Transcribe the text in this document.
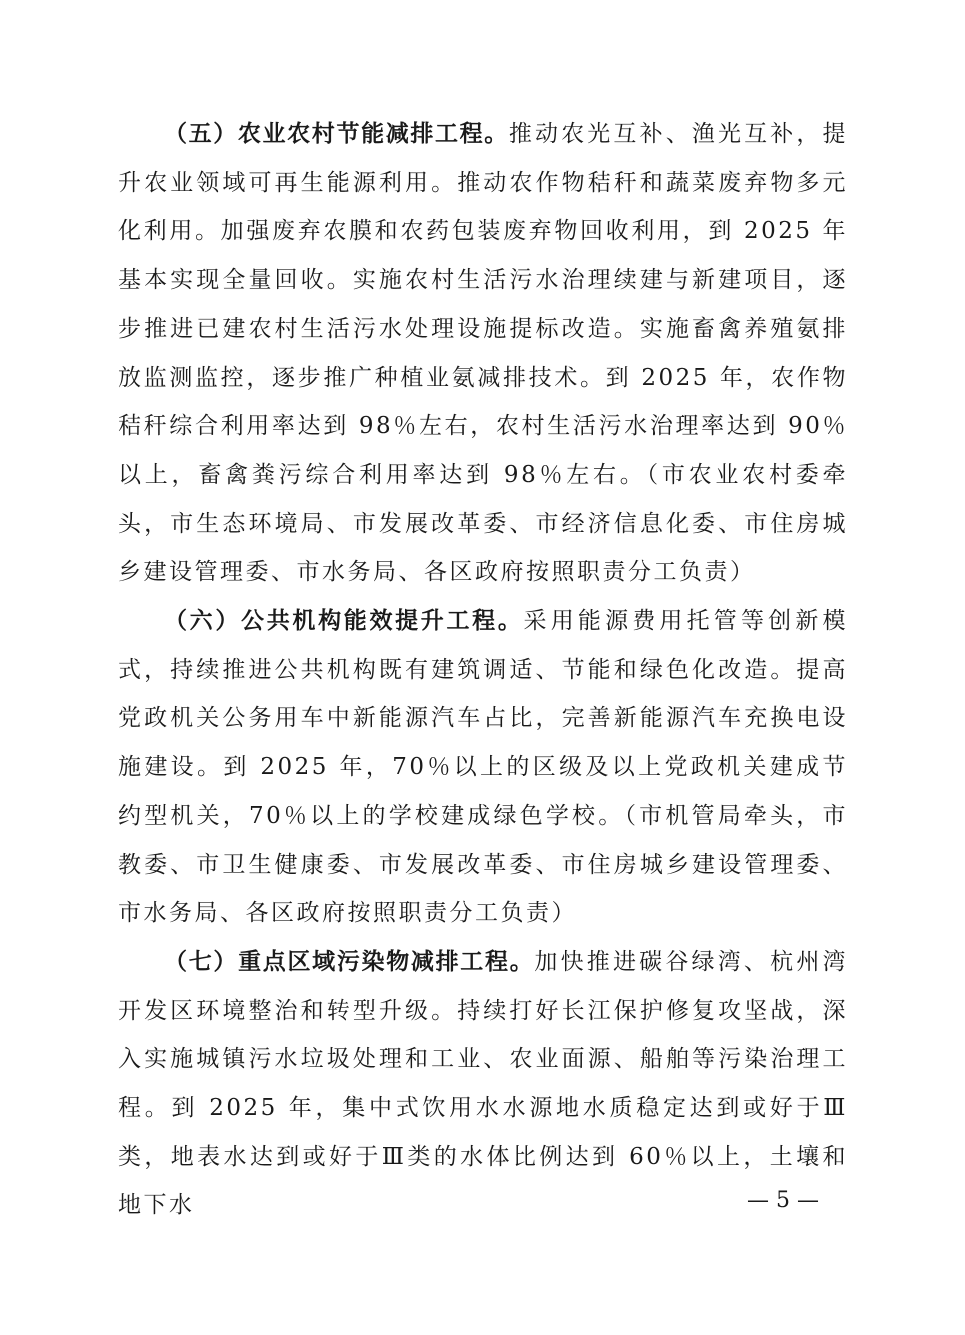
（五）农业农村节能减排工程。推动农光互补、渔光互补，提升农业领域可再生能源利用。推动农作物秸秆和蔬菜废弃物多元化利用。加强废弃农膜和农药包装废弃物回收利用，到 2025 年基本实现全量回收。实施农村生活污水治理续建与新建项目，逐步推进已建农村生活污水处理设施提标改造。实施畜禽养殖氨排放监测监控，逐步推广种植业氨减排技术。到 2025 年，农作物秸秆综合利用率达到 98％左右，农村生活污水治理率达到 90％以上，畜禽粪污综合利用率达到 98％左右。（市农业农村委牵头，市生态环境局、市发展改革委、市经济信息化委、市住房城乡建设管理委、市水务局、各区政府按照职责分工负责）

（六）公共机构能效提升工程。采用能源费用托管等创新模式，持续推进公共机构既有建筑调适、节能和绿色化改造。提高党政机关公务用车中新能源汽车占比，完善新能源汽车充换电设施建设。到 2025 年，70％以上的区级及以上党政机关建成节约型机关，70％以上的学校建成绿色学校。（市机管局牵头，市教委、市卫生健康委、市发展改革委、市住房城乡建设管理委、市水务局、各区政府按照职责分工负责）

（七）重点区域污染物减排工程。加快推进碳谷绿湾、杭州湾开发区环境整治和转型升级。持续打好长江保护修复攻坚战，深入实施城镇污水垃圾处理和工业、农业面源、船舶等污染治理工程。到 2025 年，集中式饮用水水源地水质稳定达到或好于Ⅲ类，地表水达到或好于Ⅲ类的水体比例达到 60％以上，土壤和地下水	— 5 —
